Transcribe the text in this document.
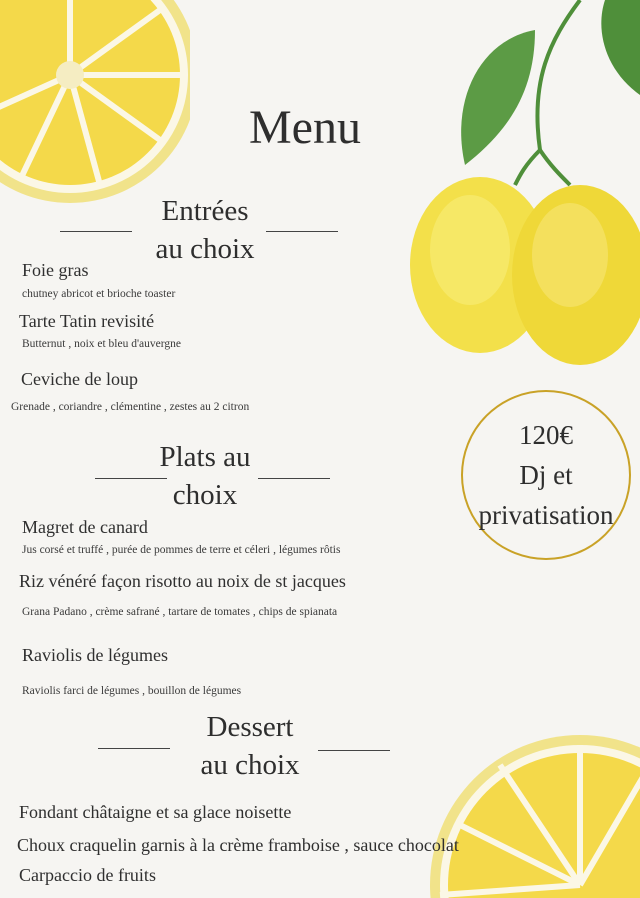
Menu
Entrées
au choix
Foie gras
chutney abricot et brioche toaster
Tarte Tatin revisité
Butternut , noix et bleu d'auvergne
Ceviche de loup
Grenade , coriandre , clémentine , zestes au 2 citron
Plats au
choix
Magret de canard
Jus corsé et truffé , purée de pommes de terre et céleri , légumes rôtis
Riz vénéré façon risotto au noix de st jacques
Grana Padano , crème safrané , tartare de tomates , chips de spianata
Raviolis de légumes
Raviolis farci de légumes , bouillon de légumes
Dessert
au choix
Fondant châtaigne et sa glace noisette
Choux craquelin garnis à la crème framboise , sauce chocolat
Carpaccio de fruits
120€
Dj et
privatisation
